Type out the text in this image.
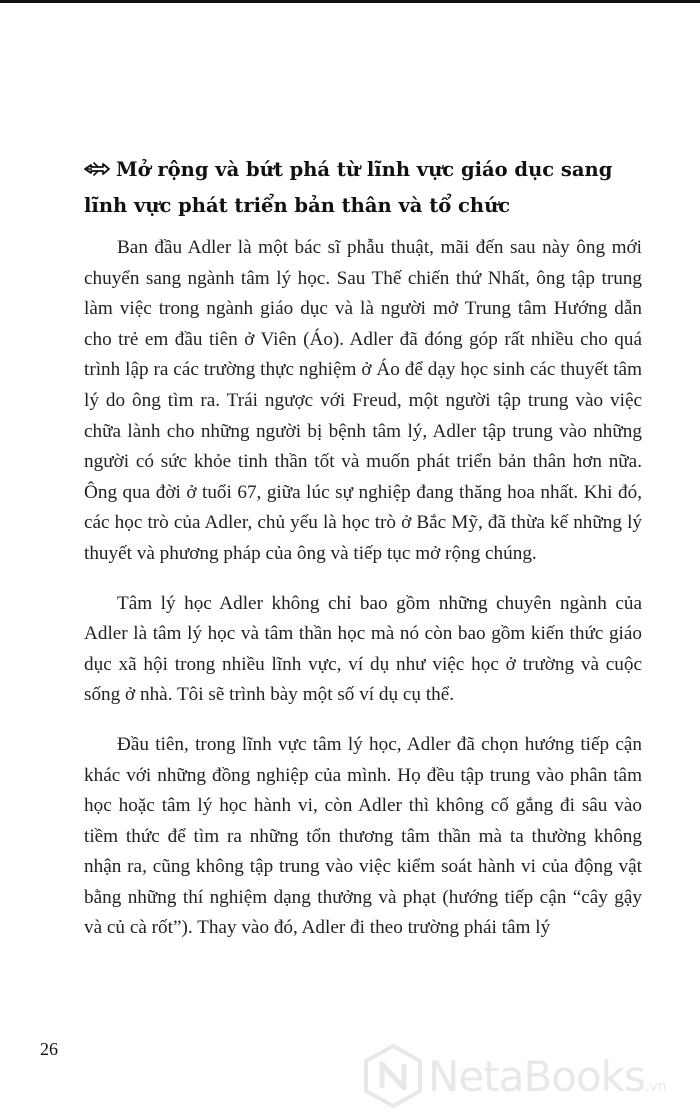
Mở rộng và bứt phá từ lĩnh vực giáo dục sang lĩnh vực phát triển bản thân và tổ chức

Ban đầu Adler là một bác sĩ phẫu thuật, mãi đến sau này ông mới chuyển sang ngành tâm lý học. Sau Thế chiến thứ Nhất, ông tập trung làm việc trong ngành giáo dục và là người mở Trung tâm Hướng dẫn cho trẻ em đầu tiên ở Viên (Áo). Adler đã đóng góp rất nhiều cho quá trình lập ra các trường thực nghiệm ở Áo để dạy học sinh các thuyết tâm lý do ông tìm ra. Trái ngược với Freud, một người tập trung vào việc chữa lành cho những người bị bệnh tâm lý, Adler tập trung vào những người có sức khỏe tinh thần tốt và muốn phát triển bản thân hơn nữa. Ông qua đời ở tuổi 67, giữa lúc sự nghiệp đang thăng hoa nhất. Khi đó, các học trò của Adler, chủ yếu là học trò ở Bắc Mỹ, đã thừa kế những lý thuyết và phương pháp của ông và tiếp tục mở rộng chúng.

Tâm lý học Adler không chỉ bao gồm những chuyên ngành của Adler là tâm lý học và tâm thần học mà nó còn bao gồm kiến thức giáo dục xã hội trong nhiều lĩnh vực, ví dụ như việc học ở trường và cuộc sống ở nhà. Tôi sẽ trình bày một số ví dụ cụ thể.

Đầu tiên, trong lĩnh vực tâm lý học, Adler đã chọn hướng tiếp cận khác với những đồng nghiệp của mình. Họ đều tập trung vào phân tâm học hoặc tâm lý học hành vi, còn Adler thì không cố gắng đi sâu vào tiềm thức để tìm ra những tổn thương tâm thần mà ta thường không nhận ra, cũng không tập trung vào việc kiểm soát hành vi của động vật bằng những thí nghiệm dạng thưởng và phạt (hướng tiếp cận “cây gậy và củ cà rốt”). Thay vào đó, Adler đi theo trường phái tâm lý

26
NetaBooks.vn
